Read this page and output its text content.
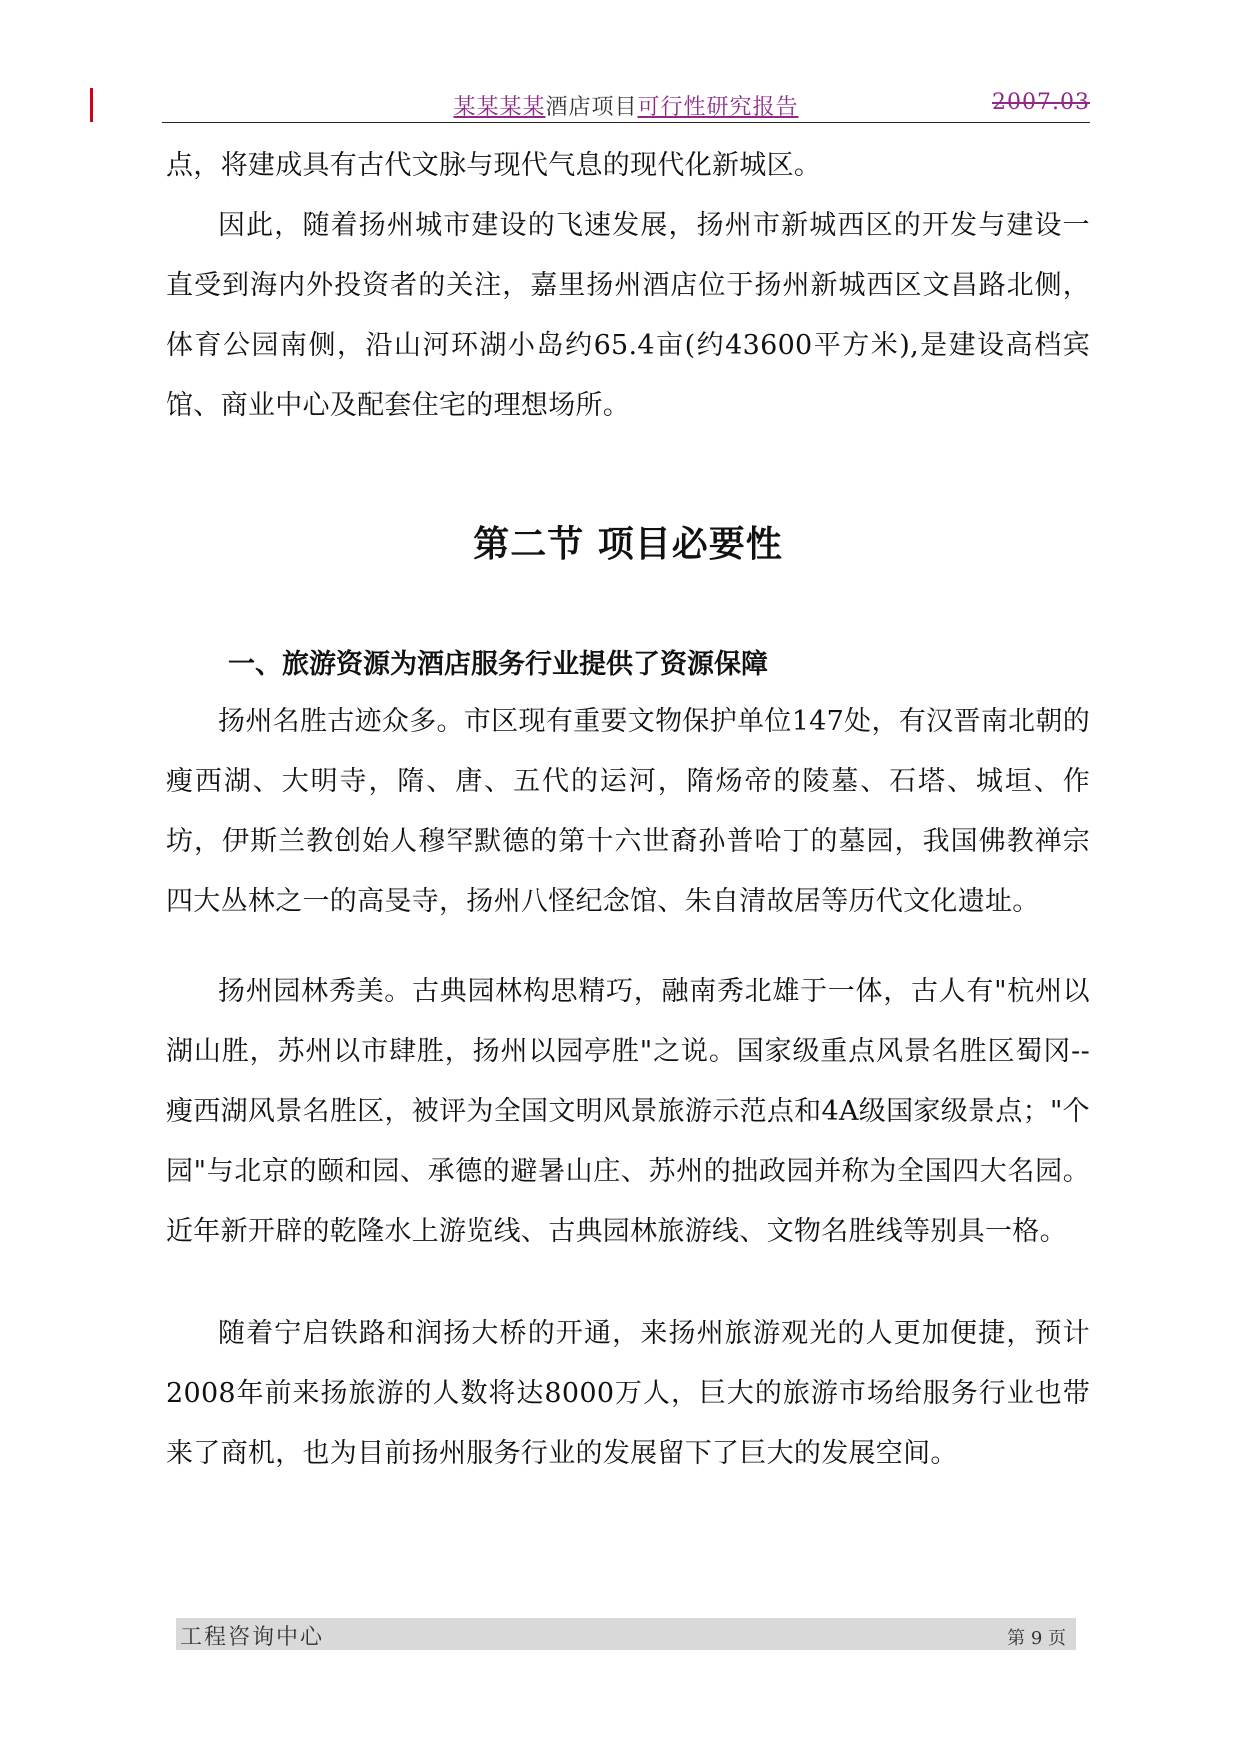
某某某某酒店项目可行性研究报告	2007.03

点，将建成具有古代文脉与现代气息的现代化新城区。

因此，随着扬州城市建设的飞速发展，扬州市新城西区的开发与建设一直受到海内外投资者的关注，嘉里扬州酒店位于扬州新城西区文昌路北侧，体育公园南侧，沿山河环湖小岛约65.4亩(约43600平方米),是建设高档宾馆、商业中心及配套住宅的理想场所。

第二节 项目必要性
一、旅游资源为酒店服务行业提供了资源保障

扬州名胜古迹众多。市区现有重要文物保护单位147处，有汉晋南北朝的瘦西湖、大明寺，隋、唐、五代的运河，隋炀帝的陵墓、石塔、城垣、作坊，伊斯兰教创始人穆罕默德的第十六世裔孙普哈丁的墓园，我国佛教禅宗四大丛林之一的高旻寺，扬州八怪纪念馆、朱自清故居等历代文化遗址。

扬州园林秀美。古典园林构思精巧，融南秀北雄于一体，古人有"杭州以湖山胜，苏州以市肆胜，扬州以园亭胜"之说。国家级重点风景名胜区蜀冈--瘦西湖风景名胜区，被评为全国文明风景旅游示范点和4A级国家级景点；"个园"与北京的颐和园、承德的避暑山庄、苏州的拙政园并称为全国四大名园。近年新开辟的乾隆水上游览线、古典园林旅游线、文物名胜线等别具一格。

随着宁启铁路和润扬大桥的开通，来扬州旅游观光的人更加便捷，预计2008年前来扬旅游的人数将达8000万人，巨大的旅游市场给服务行业也带来了商机，也为目前扬州服务行业的发展留下了巨大的发展空间。

工程咨询中心	第 9 页
